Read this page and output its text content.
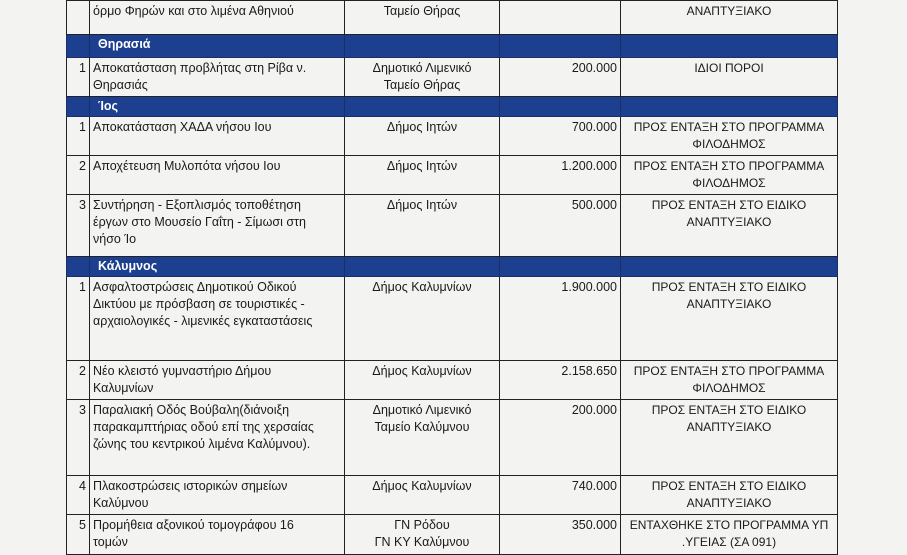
	όρμο Φηρών και στο λιμένα Αθηνιού	Ταμείο Θήρας		ΑΝΑΠΤΥΞΙΑΚΟ

	Θηρασιά			
1	Αποκατάσταση προβλήτας στη Ρίβα ν.
Θηρασιάς	Δημοτικό Λιμενικό
Ταμείο Θήρας	200.000	ΙΔΙΟΙ ΠΟΡΟΙ

	Ίος			
1	Αποκατάσταση ΧΑΔΑ νήσου Ιου	Δήμος Ιητών	700.000	ΠΡΟΣ ΕΝΤΑΞΗ ΣΤΟ ΠΡΟΓΡΑΜΜΑ
ΦΙΛΟΔΗΜΟΣ

2	Αποχέτευση Μυλοπότα νήσου Ιου	Δήμος Ιητών	1.200.000	ΠΡΟΣ ΕΝΤΑΞΗ ΣΤΟ ΠΡΟΓΡΑΜΜΑ
ΦΙΛΟΔΗΜΟΣ

3	Συντήρηση - Εξοπλισμός τοποθέτηση
έργων στο Μουσείο Γαΐτη - Σίμωσι στη
νήσο Ίο	Δήμος Ιητών	500.000	ΠΡΟΣ ΕΝΤΑΞΗ ΣΤΟ ΕΙΔΙΚΟ
ΑΝΑΠΤΥΞΙΑΚΟ

	Κάλυμνος			
1	Ασφαλτοστρώσεις Δημοτικού Οδικού
Δικτύου με πρόσβαση σε τουριστικές -
αρχαιολογικές - λιμενικές εγκαταστάσεις	Δήμος Καλυμνίων	1.900.000	ΠΡΟΣ ΕΝΤΑΞΗ ΣΤΟ ΕΙΔΙΚΟ
ΑΝΑΠΤΥΞΙΑΚΟ

2	Νέο κλειστό γυμναστήριο Δήμου
Καλυμνίων	Δήμος Καλυμνίων	2.158.650	ΠΡΟΣ ΕΝΤΑΞΗ ΣΤΟ ΠΡΟΓΡΑΜΜΑ
ΦΙΛΟΔΗΜΟΣ

3	Παραλιακή Οδός Βούβαλη(διάνοιξη
παρακαμπτήριας οδού επί της χερσαίας
ζώνης του κεντρικού λιμένα Καλύμνου).	Δημοτικό Λιμενικό
Ταμείο Καλύμνου	200.000	ΠΡΟΣ ΕΝΤΑΞΗ ΣΤΟ ΕΙΔΙΚΟ
ΑΝΑΠΤΥΞΙΑΚΟ

4	Πλακοστρώσεις ιστορικών σημείων
Καλύμνου	Δήμος Καλυμνίων	740.000	ΠΡΟΣ ΕΝΤΑΞΗ ΣΤΟ ΕΙΔΙΚΟ
ΑΝΑΠΤΥΞΙΑΚΟ

5	Προμήθεια αξονικού τομογράφου 16
τομών	ΓΝ Ρόδου
ΓΝ ΚΥ Καλύμνου	350.000	ΕΝΤΑΧΘΗΚΕ ΣΤΟ ΠΡΟΓΡΑΜΜΑ ΥΠ
.ΥΓΕΙΑΣ (ΣΑ 091)
